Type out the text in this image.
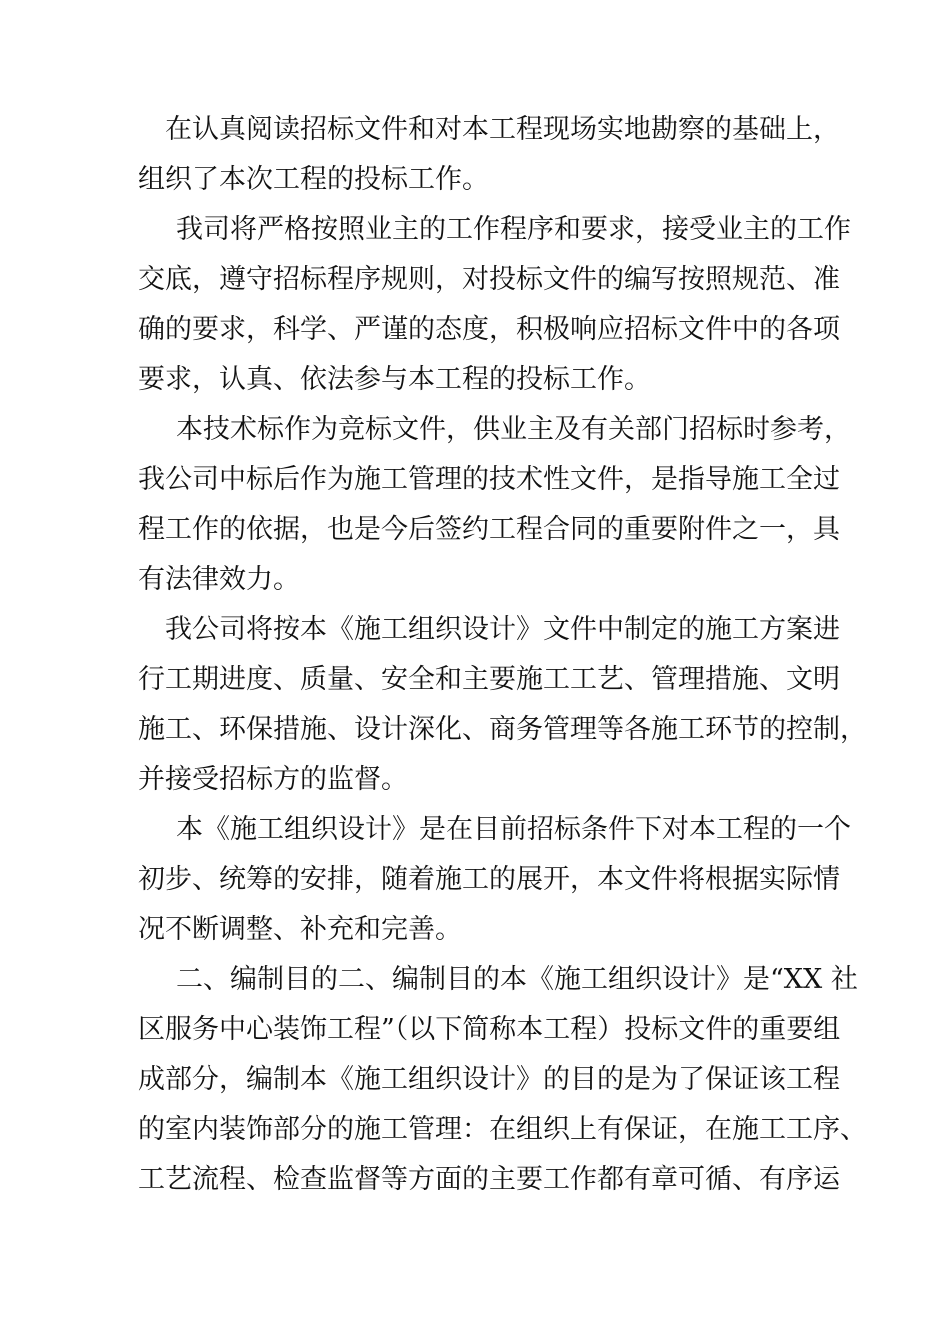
在认真阅读招标文件和对本工程现场实地勘察的基础上，
组织了本次工程的投标工作。
我司将严格按照业主的工作程序和要求，接受业主的工作
交底，遵守招标程序规则，对投标文件的编写按照规范、准
确的要求，科学、严谨的态度，积极响应招标文件中的各项
要求，认真、依法参与本工程的投标工作。
本技术标作为竞标文件，供业主及有关部门招标时参考，
我公司中标后作为施工管理的技术性文件，是指导施工全过
程工作的依据，也是今后签约工程合同的重要附件之一，具
有法律效力。
我公司将按本《施工组织设计》文件中制定的施工方案进
行工期进度、质量、安全和主要施工工艺、管理措施、文明
施工、环保措施、设计深化、商务管理等各施工环节的控制，
并接受招标方的监督。
本《施工组织设计》是在目前招标条件下对本工程的一个
初步、统筹的安排，随着施工的展开，本文件将根据实际情
况不断调整、补充和完善。
二、编制目的二、编制目的本《施工组织设计》是“XX 社
区服务中心装饰工程”（以下简称本工程）投标文件的重要组
成部分，编制本《施工组织设计》的目的是为了保证该工程
的室内装饰部分的施工管理：在组织上有保证，在施工工序、
工艺流程、检查监督等方面的主要工作都有章可循、有序运
